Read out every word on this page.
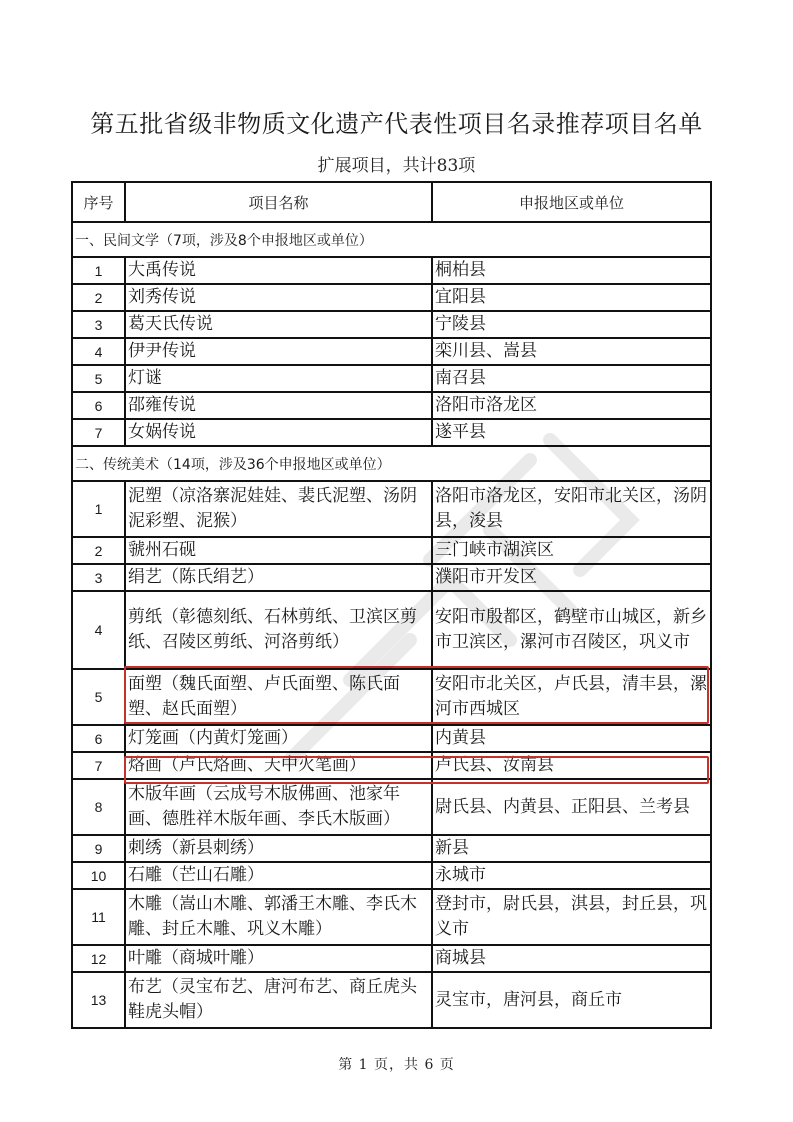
第五批省级非物质文化遗产代表性项目名录推荐项目名单
扩展项目，共计83项
序号	项目名称	申报地区或单位
一、民间文学（7项，涉及8个申报地区或单位）		
1	大禹传说	桐柏县
2	刘秀传说	宜阳县
3	葛天氏传说	宁陵县
4	伊尹传说	栾川县、嵩县
5	灯谜	南召县
6	邵雍传说	洛阳市洛龙区
7	女娲传说	遂平县
二、传统美术（14项，涉及36个申报地区或单位）		
1	泥塑（凉洛寨泥娃娃、裴氏泥塑、汤阴泥彩塑、泥猴）	洛阳市洛龙区，安阳市北关区，汤阴县，浚县
2	虢州石砚	三门峡市湖滨区
3	绢艺（陈氏绢艺）	濮阳市开发区
4	剪纸（彰德刻纸、石林剪纸、卫滨区剪纸、召陵区剪纸、河洛剪纸）	安阳市殷都区，鹤壁市山城区，新乡市卫滨区，漯河市召陵区，巩义市
5	面塑（魏氏面塑、卢氏面塑、陈氏面塑、赵氏面塑）	安阳市北关区，卢氏县，清丰县，漯河市西城区
6	灯笼画（内黄灯笼画）	内黄县
7	烙画（卢氏烙画、天中火笔画）	卢氏县、汝南县
8	木版年画（云成号木版佛画、池家年画、德胜祥木版年画、李氏木版画）	尉氏县、内黄县、正阳县、兰考县
9	刺绣（新县刺绣）	新县
10	石雕（芒山石雕）	永城市
11	木雕（嵩山木雕、郭潘王木雕、李氏木雕、封丘木雕、巩义木雕）	登封市，尉氏县，淇县，封丘县，巩义市
12	叶雕（商城叶雕）	商城县
13	布艺（灵宝布艺、唐河布艺、商丘虎头鞋虎头帽）	灵宝市，唐河县，商丘市
第 1 页，共 6 页
